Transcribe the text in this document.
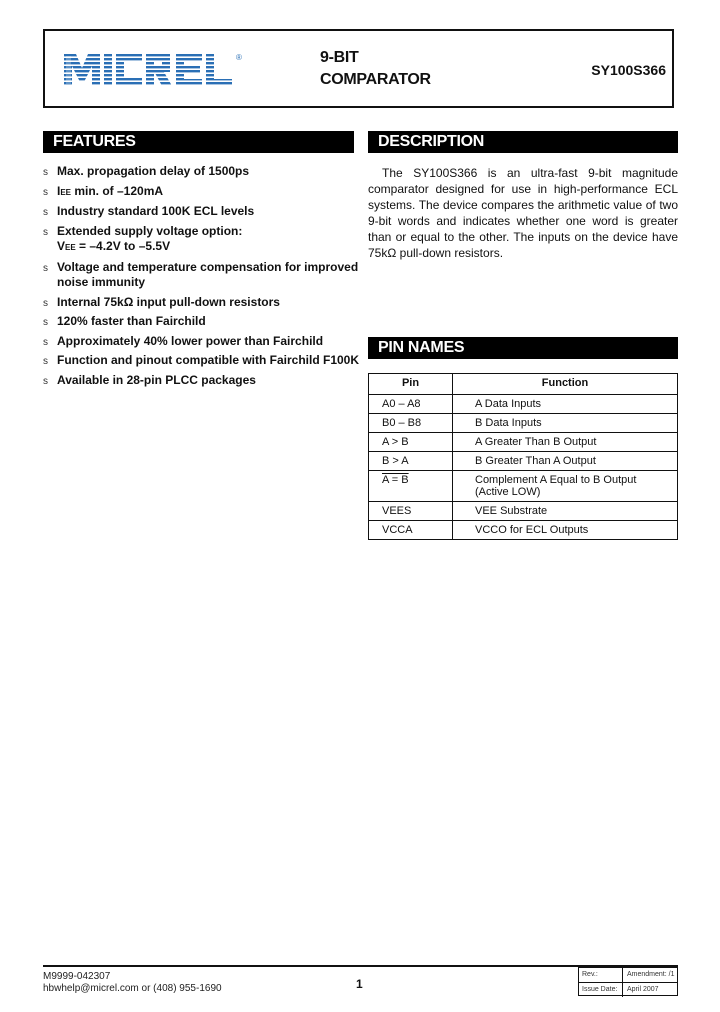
®	9-BIT
COMPARATOR
SY100S366
FEATURES
s Max. propagation delay of 1500ps
s IEE min. of –120mA
s Industry standard 100K ECL levels
s Extended supply voltage option:
VEE = –4.2V to –5.5V
s Voltage and temperature compensation for improved noise immunity
s Internal 75kΩ input pull-down resistors
s 120% faster than Fairchild
s Approximately 40% lower power than Fairchild
s Function and pinout compatible with Fairchild F100K
s Available in 28-pin PLCC packages
DESCRIPTION

The SY100S366 is an ultra-fast 9-bit magnitude comparator designed for use in high-performance ECL systems. The device compares the arithmetic value of two 9-bit words and indicates whether one word is greater than or equal to the other. The inputs on the device have 75kΩ pull-down resistors.

PIN NAMES
Pin	Function
A0 – A8	A Data Inputs
B0 – B8	B Data Inputs
A > B	A Greater Than B Output
B > A	B Greater Than A Output
A = B	Complement A Equal to B Output (Active LOW)
VEES	VEE Substrate
VCCA	VCCO for ECL Outputs
M9999-042307
hbwhelp@micrel.com or (408) 955-1690	1
Rev.:	Amendment: /1
Issue Date:	April 2007
